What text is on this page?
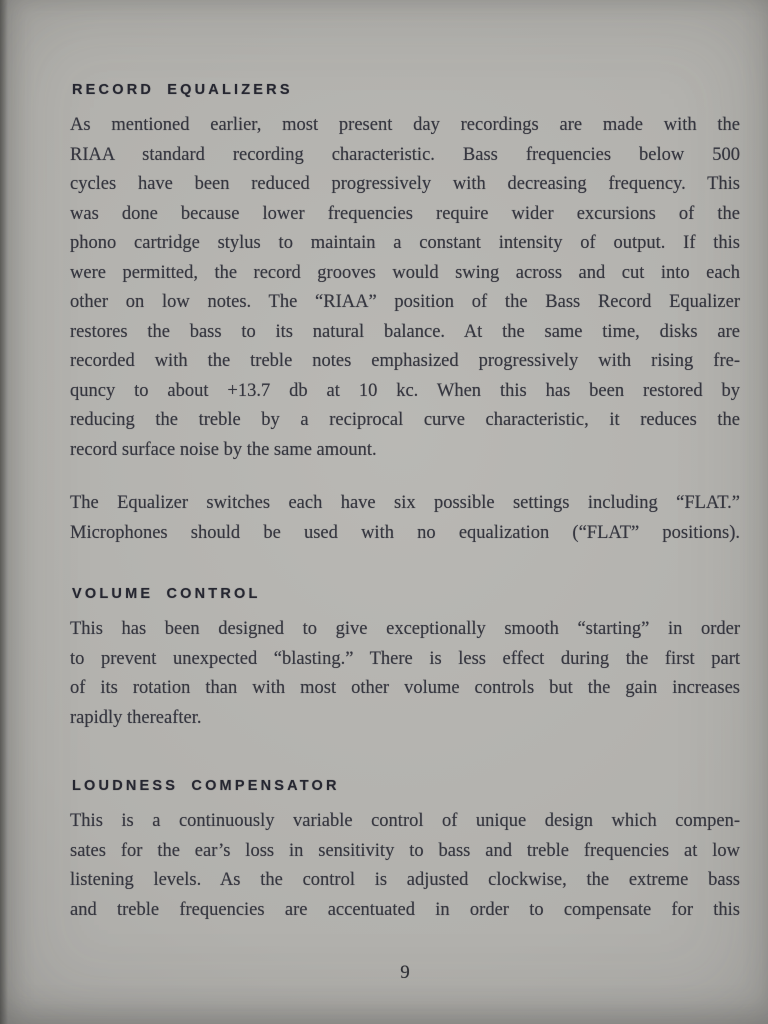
RECORD EQUALIZERS
As mentioned earlier, most present day recordings are made with the
RIAA standard recording characteristic. Bass frequencies below 500
cycles have been reduced progressively with decreasing frequency. This
was done because lower frequencies require wider excursions of the
phono cartridge stylus to maintain a constant intensity of output. If this
were permitted, the record grooves would swing across and cut into each
other on low notes. The “RIAA” position of the Bass Record Equalizer
restores the bass to its natural balance. At the same time, disks are
recorded with the treble notes emphasized progressively with rising fre-
quncy to about +13.7 db at 10 kc. When this has been restored by
reducing the treble by a reciprocal curve characteristic, it reduces the
record surface noise by the same amount.
The Equalizer switches each have six possible settings including “FLAT.”
Microphones should be used with no equalization (“FLAT” positions).
VOLUME CONTROL
This has been designed to give exceptionally smooth “starting” in order
to prevent unexpected “blasting.” There is less effect during the first part
of its rotation than with most other volume controls but the gain increases
rapidly thereafter.
LOUDNESS COMPENSATOR
This is a continuously variable control of unique design which compen-
sates for the ear’s loss in sensitivity to bass and treble frequencies at low
listening levels. As the control is adjusted clockwise, the extreme bass
and treble frequencies are accentuated in order to compensate for this
9
